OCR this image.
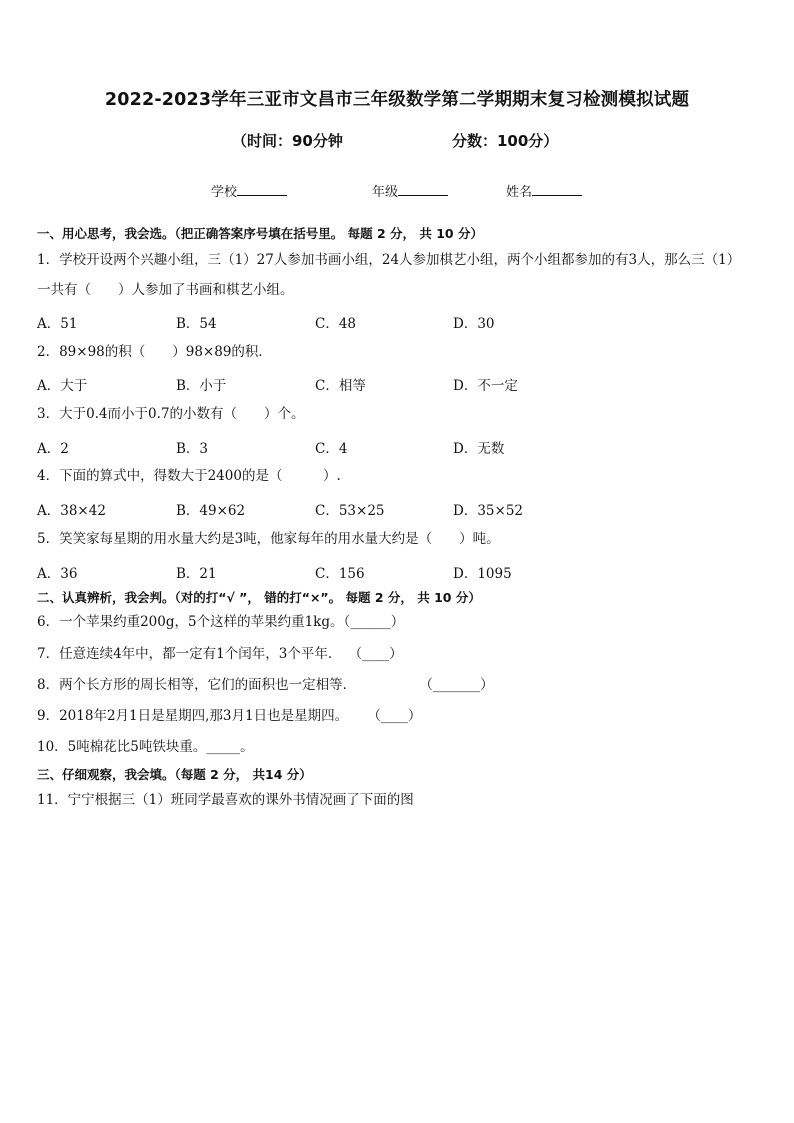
2022-2023学年三亚市文昌市三年级数学第二学期期末复习检测模拟试题
（时间：90分钟	分数：100分）
学校	年级	姓名
一、用心思考，我会选。（把正确答案序号填在括号里。 每题 2 分， 共 10 分）
1．学校开设两个兴趣小组，三（1）27人参加书画小组，24人参加棋艺小组，两个小组都参加的有3人，那么三（1）
一共有（　　）人参加了书画和棋艺小组。
A．51	B．54	C．48	D．30
2．89×98的积（　　）98×89的积．
A．大于	B．小于	C．相等	D．不一定
3．大于0.4而小于0.7的小数有（　　）个。
A．2	B．3	C．4	D．无数
4．下面的算式中，得数大于2400的是（　　　）.
A．38×42	B．49×62	C．53×25	D．35×52
5．笑笑家每星期的用水量大约是3吨，他家每年的用水量大约是（　　）吨。
A．36	B．21	C．156	D．1095
二、认真辨析，我会判。（对的打“√ ”， 错的打“×”。 每题 2 分， 共 10 分）
6．一个苹果约重200g，5个这样的苹果约重1kg。（______）
7．任意连续4年中，都一定有1个闰年，3个平年． （____）
8．两个长方形的周长相等，它们的面积也一定相等．	（_______）
9．2018年2月1日是星期四,那3月1日也是星期四。 （____）
10．5吨棉花比5吨铁块重。_____。
三、仔细观察，我会填。（每题 2 分， 共14 分）
11．宁宁根据三（1）班同学最喜欢的课外书情况画了下面的图
